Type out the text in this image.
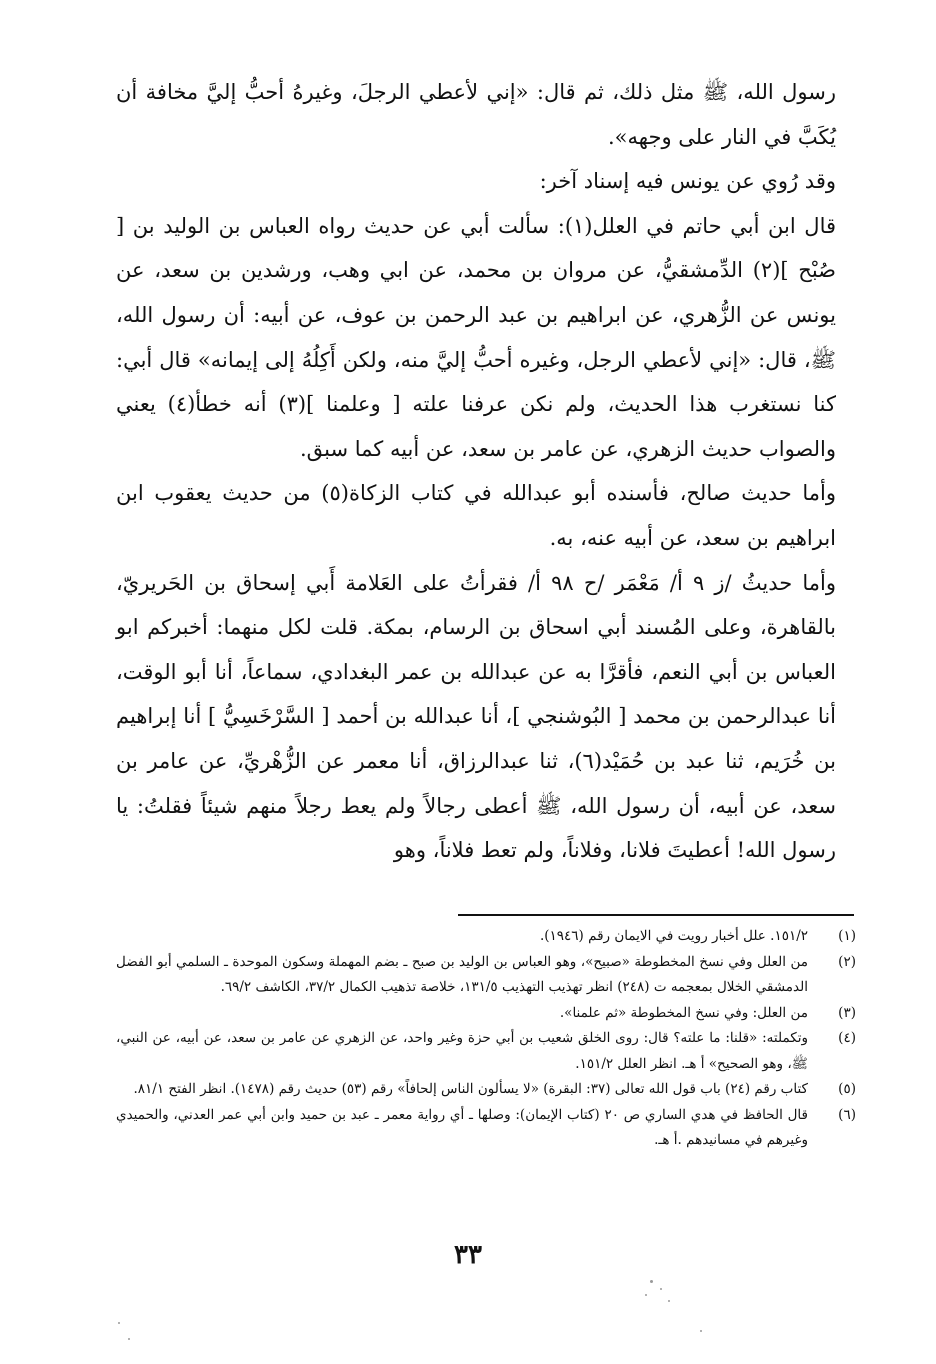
رسول الله، ﷺ مثل ذلك، ثم قال: «إني لأعطي الرجلَ، وغيرهُ أحبُّ إليَّ مخافة أن يُكَبَّ في النار على وجهه».

وقد رُوي عن يونس فيه إسناد آخر:

قال ابن أبي حاتم في العلل(١): سألت أبي عن حديث رواه العباس بن الوليد بن [ صُبْح ](٢) الدِّمشقيُّ، عن مروان بن محمد، عن ابي وهب، ورشدين بن سعد، عن يونس عن الزُّهري، عن ابراهيم بن عبد الرحمن بن عوف، عن أبيه: أن رسول الله، ﷺ، قال: «إني لأعطي الرجل، وغيره أحبُّ إليَّ منه، ولكن أَكِلُهُ إلى إيمانه» قال أبي: كنا نستغرب هذا الحديث، ولم نكن عرفنا علته [ وعلمنا ](٣) أنه خطأ(٤) يعني والصواب حديث الزهري، عن عامر بن سعد، عن أبيه كما سبق.

وأما حديث صالح، فأسنده أبو عبدالله في كتاب الزكاة(٥) من حديث يعقوب ابن ابراهيم بن سعد، عن أبيه عنه، به.

وأما حديثُ /ز ٩ أ/ مَعْمَر /ح ٩٨ أ/ فقرأتُ على العَلامة أَبي إسحاق بن الحَريريّ، بالقاهرة، وعلى المُسند أبي اسحاق بن الرسام، بمكة. قلت لكل منهما: أخبركم ابو العباس بن أبي النعم، فأقرَّا به عن عبدالله بن عمر البغدادي، سماعاً، أنا أبو الوقت، أنا عبدالرحمن بن محمد [ البُوشنجي ]، أنا عبدالله بن أحمد [ السَّرْخَسِيُّ ] أنا إبراهيم بن خُرَيم، ثنا عبد بن حُمَيْد(٦)، ثنا عبدالرزاق، أنا معمر عن الزُّهْريِّ، عن عامر بن سعد، عن أبيه، أن رسول الله، ﷺ أعطى رجالاً ولم يعط رجلاً منهم شيئاً فقلتُ: يا رسول الله! أعطيتَ فلانا، وفلاناً، ولم تعط فلاناً، وهو

(١)
١٥١/٢. علل أخبار رويت في الايمان رقم (١٩٤٦).
(٢)
من العلل وفي نسخ المخطوطة «صبيح»، وهو العباس بن الوليد بن صبح ـ بضم المهملة وسكون الموحدة ـ السلمي أبو الفضل الدمشقي الخلال بمعجمه ت (٢٤٨) انظر تهذيب التهذيب ١٣١/٥، خلاصة تذهيب الكمال ٣٧/٢، الكاشف ٦٩/٢.
(٣)
من العلل: وفي نسخ المخطوطة «ثم علمنا».
(٤)
وتكملته: «قلنا: ما علته؟ قال: روى الخلق شعيب بن أبي حزة وغير واحد، عن الزهري عن عامر بن سعد، عن أبيه، عن النبي، ﷺ، وهو الصحيح» أ هـ. انظر العلل ١٥١/٢.
(٥)
كتاب رقم (٢٤) باب قول الله تعالى (٣٧: البقرة) «لا يسألون الناس إلحافاً» رقم (٥٣) حديث رقم (١٤٧٨). انظر الفتح ٨١/١.
(٦)
قال الحافظ في هدي الساري ص ٢٠ (كتاب الإيمان): وصلها ـ أي رواية معمر ـ عبد بن حميد وابن أبي عمر العدني، والحميدي وغيرهم في مسانيدهم .أ هـ.
٣٣
